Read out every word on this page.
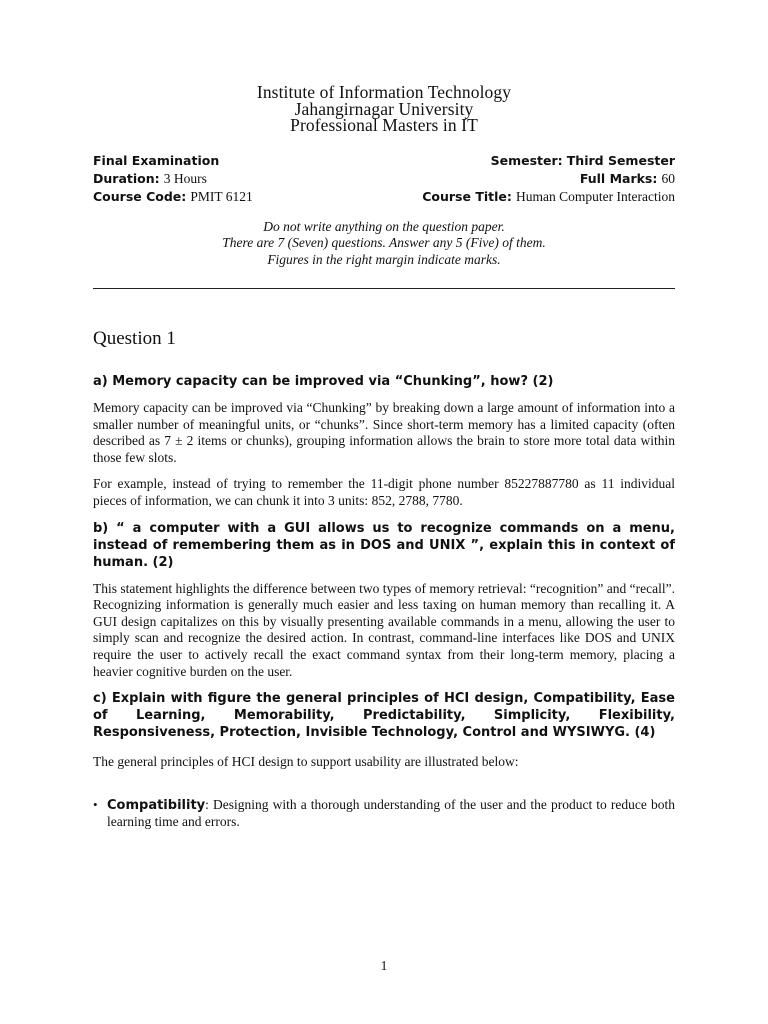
Institute of Information Technology
Jahangirnagar University
Professional Masters in IT
Final Examination	Semester: Third Semester
Duration: 3 Hours	Full Marks: 60
Course Code: PMIT 6121	Course Title: Human Computer Interaction
Do not write anything on the question paper.
There are 7 (Seven) questions. Answer any 5 (Five) of them.
Figures in the right margin indicate marks.
Question 1
a) Memory capacity can be improved via “Chunking”, how? (2)
Memory capacity can be improved via “Chunking” by breaking down a large amount of information into a smaller number of meaningful units, or “chunks”. Since short-term memory has a limited capacity (often described as 7 ± 2 items or chunks), grouping information allows the brain to store more total data within those few slots.
For example, instead of trying to remember the 11-digit phone number 85227887780 as 11 individual pieces of information, we can chunk it into 3 units: 852, 2788, 7780.
b) “ a computer with a GUI allows us to recognize commands on a menu, instead of remembering them as in DOS and UNIX ”, explain this in context of human. (2)
This statement highlights the difference between two types of memory retrieval: “recognition” and “recall”. Recognizing information is generally much easier and less taxing on human memory than recalling it. A GUI design capitalizes on this by visually presenting available commands in a menu, allowing the user to simply scan and recognize the desired action. In contrast, command-line interfaces like DOS and UNIX require the user to actively recall the exact command syntax from their long-term memory, placing a heavier cognitive burden on the user.
c) Explain with figure the general principles of HCI design, Compatibility, Ease of Learning, Memorability, Predictability, Simplicity, Flexibility, Responsiveness, Protection, Invisible Technology, Control and WYSIWYG. (4)
The general principles of HCI design to support usability are illustrated below:
• Compatibility: Designing with a thorough understanding of the user and the product to reduce both learning time and errors.
1
